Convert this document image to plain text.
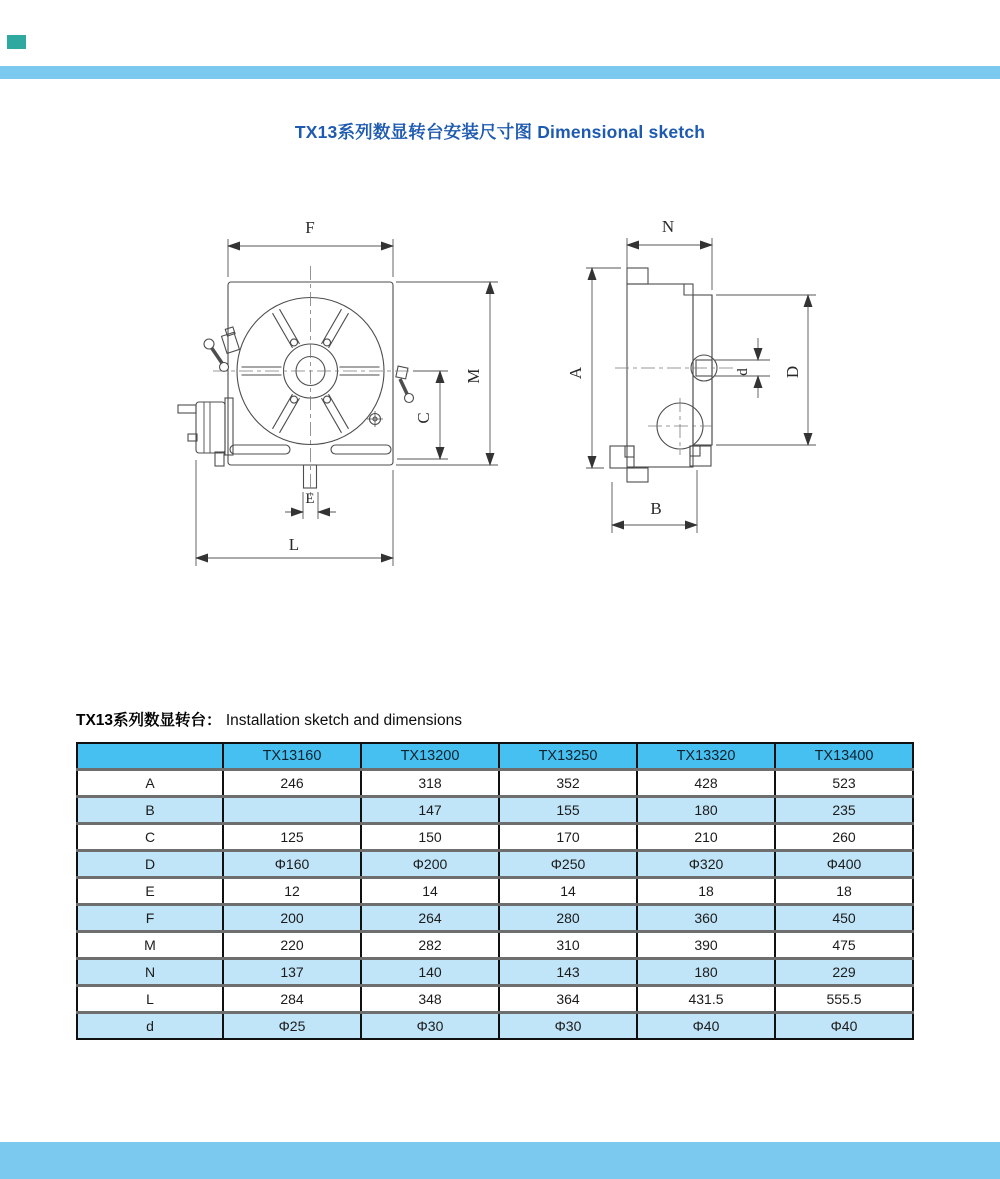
TX13系列数显转台安装尺寸图 Dimensional sketch
F
M
C
E
L
N
A	D
d
B
TX13系列数显转台： Installation sketch and dimensions
	TX13160	TX13200	TX13250	TX13320	TX13400
A	246	318	352	428	523
B		147	155	180	235
C	125	150	170	210	260
D	Φ160	Φ200	Φ250	Φ320	Φ400
E	12	14	14	18	18
F	200	264	280	360	450
M	220	282	310	390	475
N	137	140	143	180	229
L	284	348	364	431.5	555.5
d	Φ25	Φ30	Φ30	Φ40	Φ40
